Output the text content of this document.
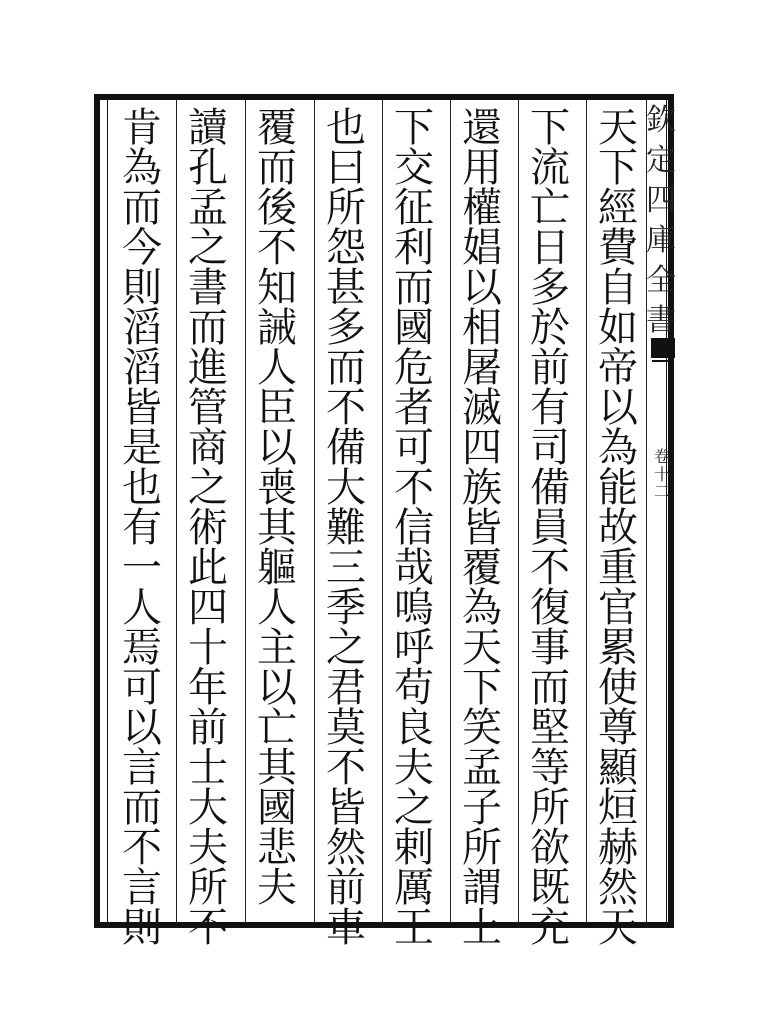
天
下
經
費
自
如
帝
以
為
能
故
重
官
累
使
尊
顯
烜
赫
然
天
下
流
亡
日
多
於
前
有
司
備
員
不
復
事
而
堅
等
所
欲
既
充
還
用
權
娼
以
相
屠
滅
四
族
皆
覆
為
天
下
笑
孟
子
所
謂
上
下
交
征
利
而
國
危
者
可
不
信
哉
嗚
呼
苟
良
夫
之
剌
厲
王
也
曰
所
怨
甚
多
而
不
備
大
難
三
季
之
君
莫
不
皆
然
前
車
覆
而
後
不
知
誡
人
臣
以
喪
其
軀
人
主
以
亡
其
國
悲
夫

讀
孔
孟
之
書
而
進
管
商
之
術
此
四
十
年
前
士
大
夫
所
不
肯
為
而
今
則
滔
滔
皆
是
也
有
一
人
焉
可
以
言
而
不
言
則
欽
定
四
庫
全
書
卷
十
二
